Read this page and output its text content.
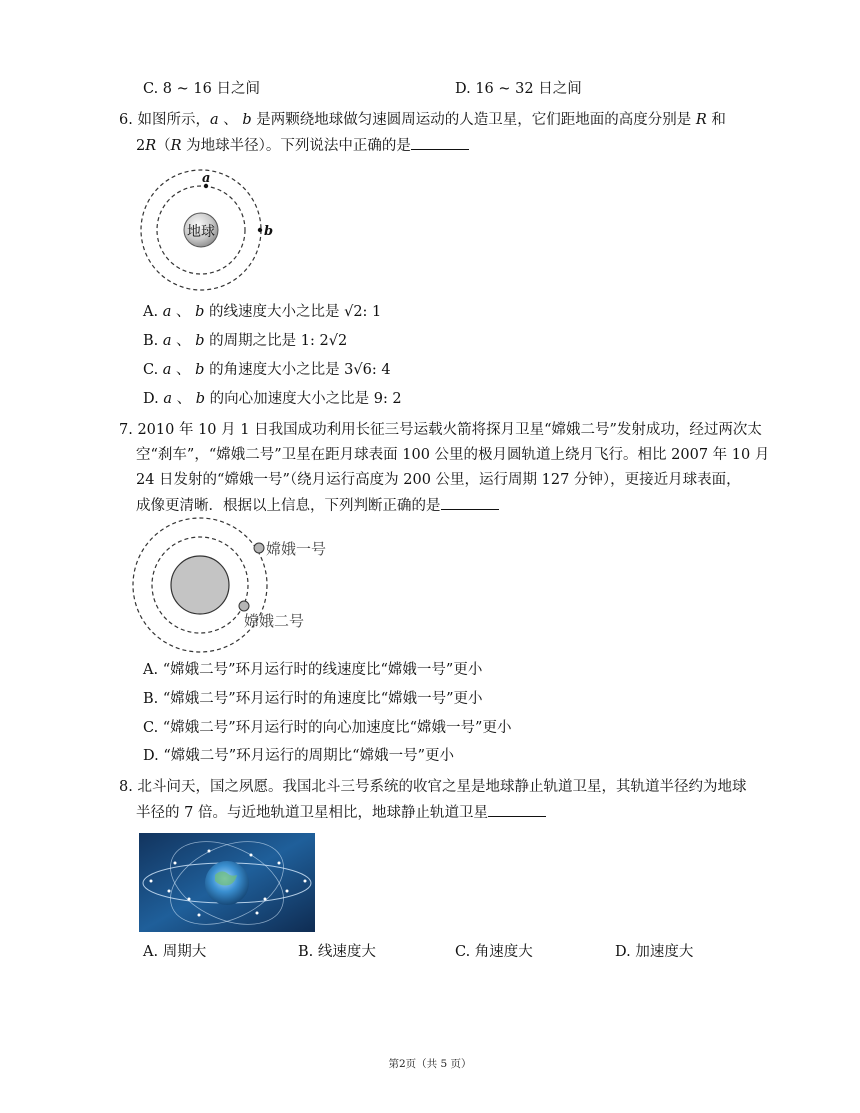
C. 8 ~ 16 日之间	D. 16 ~ 32 日之间
6. 如图所示，a 、 b 是两颗绕地球做匀速圆周运动的人造卫星，它们距地面的高度分别是 R 和
2R（R 为地球半径）。下列说法中正确的是
地球
a
b
A. a 、 b 的线速度大小之比是 √2: 1
B. a 、 b 的周期之比是 1: 2√2
C. a 、 b 的角速度大小之比是 3√6: 4
D. a 、 b 的向心加速度大小之比是 9: 2
7. 2010 年 10 月 1 日我国成功利用长征三号运载火箭将探月卫星“嫦娥二号”发射成功，经过两次太
空“刹车”，“嫦娥二号”卫星在距月球表面 100 公里的极月圆轨道上绕月飞行。相比 2007 年 10 月
24 日发射的“嫦娥一号”（绕月运行高度为 200 公里，运行周期 127 分钟），更接近月球表面，
成像更清晰．根据以上信息，下列判断正确的是
嫦娥一号
嫦娥二号
A. “嫦娥二号”环月运行时的线速度比“嫦娥一号”更小
B. “嫦娥二号”环月运行时的角速度比“嫦娥一号”更小
C. “嫦娥二号”环月运行时的向心加速度比“嫦娥一号”更小
D. “嫦娥二号”环月运行的周期比“嫦娥一号”更小
8. 北斗问天，国之夙愿。我国北斗三号系统的收官之星是地球静止轨道卫星，其轨道半径约为地球
半径的 7 倍。与近地轨道卫星相比，地球静止轨道卫星
A. 周期大	B. 线速度大	C. 角速度大	D. 加速度大
第2页（共 5 页）
